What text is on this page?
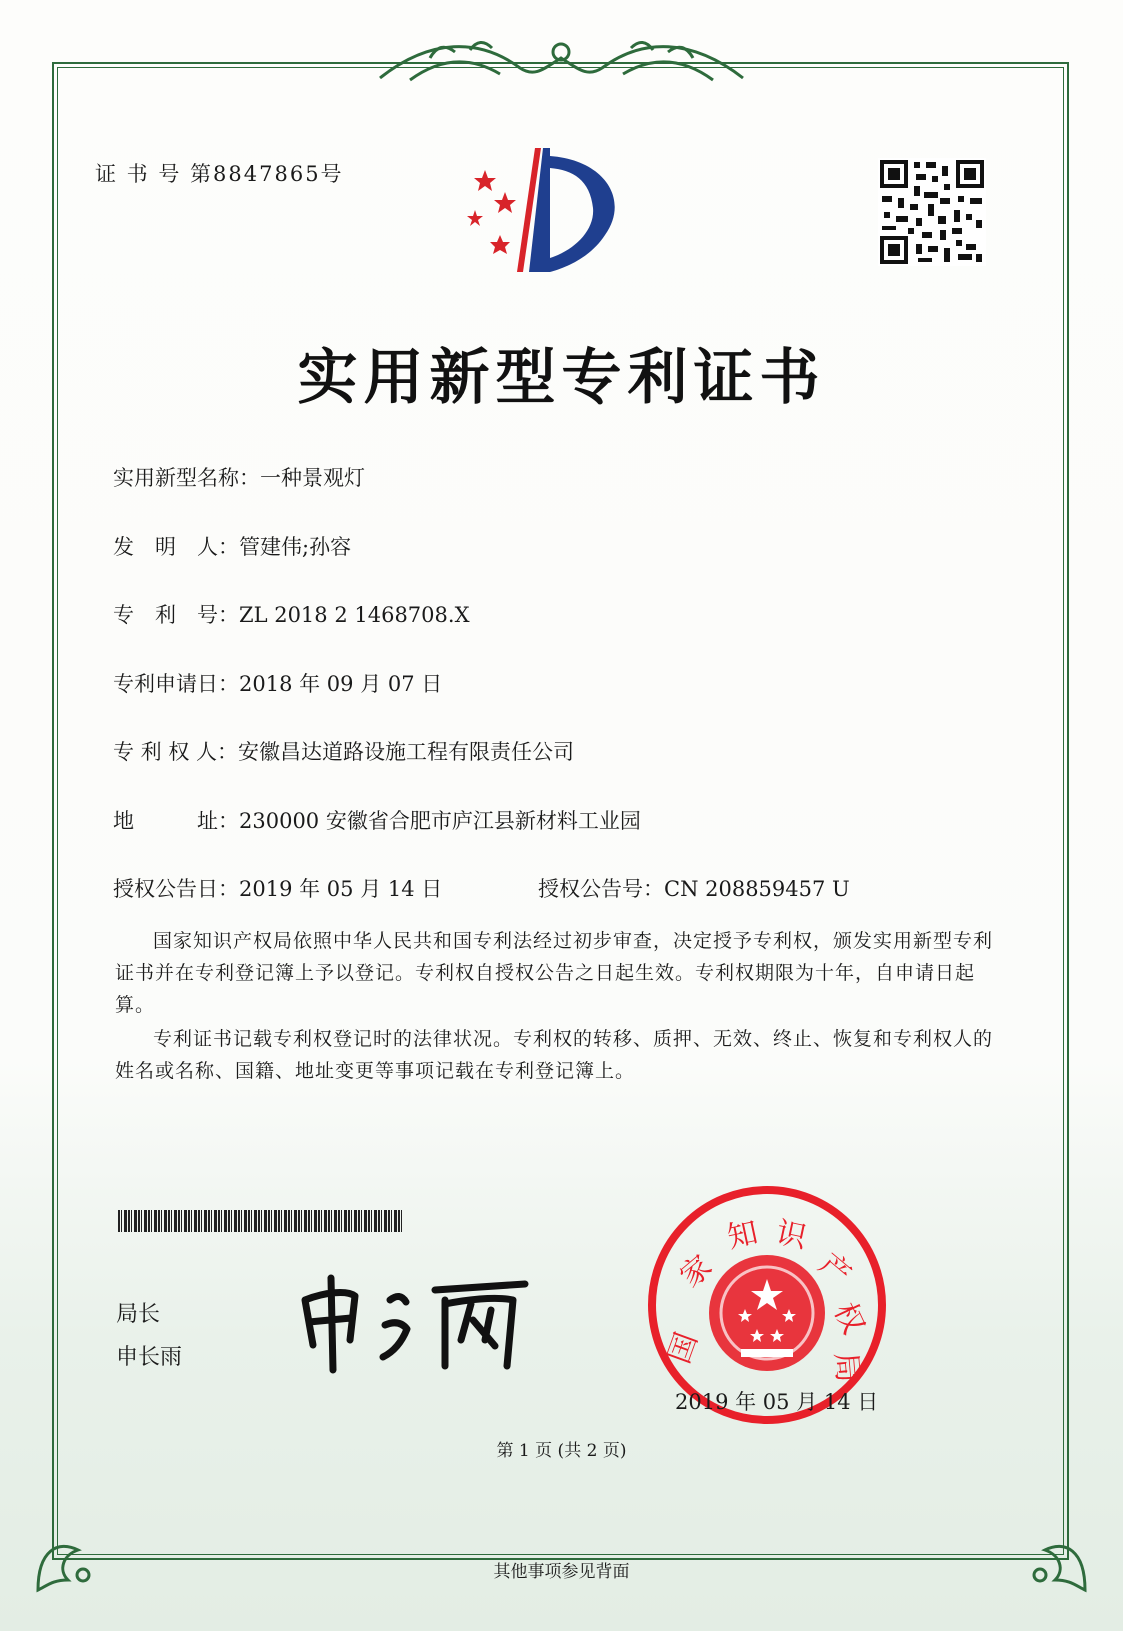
证 书 号 第8847865号
实用新型专利证书
实用新型名称：一种景观灯
发　明　人：管建伟;孙容
专　利　号：ZL 2018 2 1468708.X
专利申请日：2018 年 09 月 07 日
专 利 权 人：安徽昌达道路设施工程有限责任公司
地　　　址：230000 安徽省合肥市庐江县新材料工业园
授权公告日：2019 年 05 月 14 日	授权公告号：CN 208859457 U
国家知识产权局依照中华人民共和国专利法经过初步审查，决定授予专利权，颁发实用新型专利证书并在专利登记簿上予以登记。专利权自授权公告之日起生效。专利权期限为十年，自申请日起算。
专利证书记载专利权登记时的法律状况。专利权的转移、质押、无效、终止、恢复和专利权人的姓名或名称、国籍、地址变更等事项记载在专利登记簿上。
局长
申长雨	国
家
知 识
产
权
局
2019 年 05 月 14 日
第 1 页 (共 2 页)
其他事项参见背面
